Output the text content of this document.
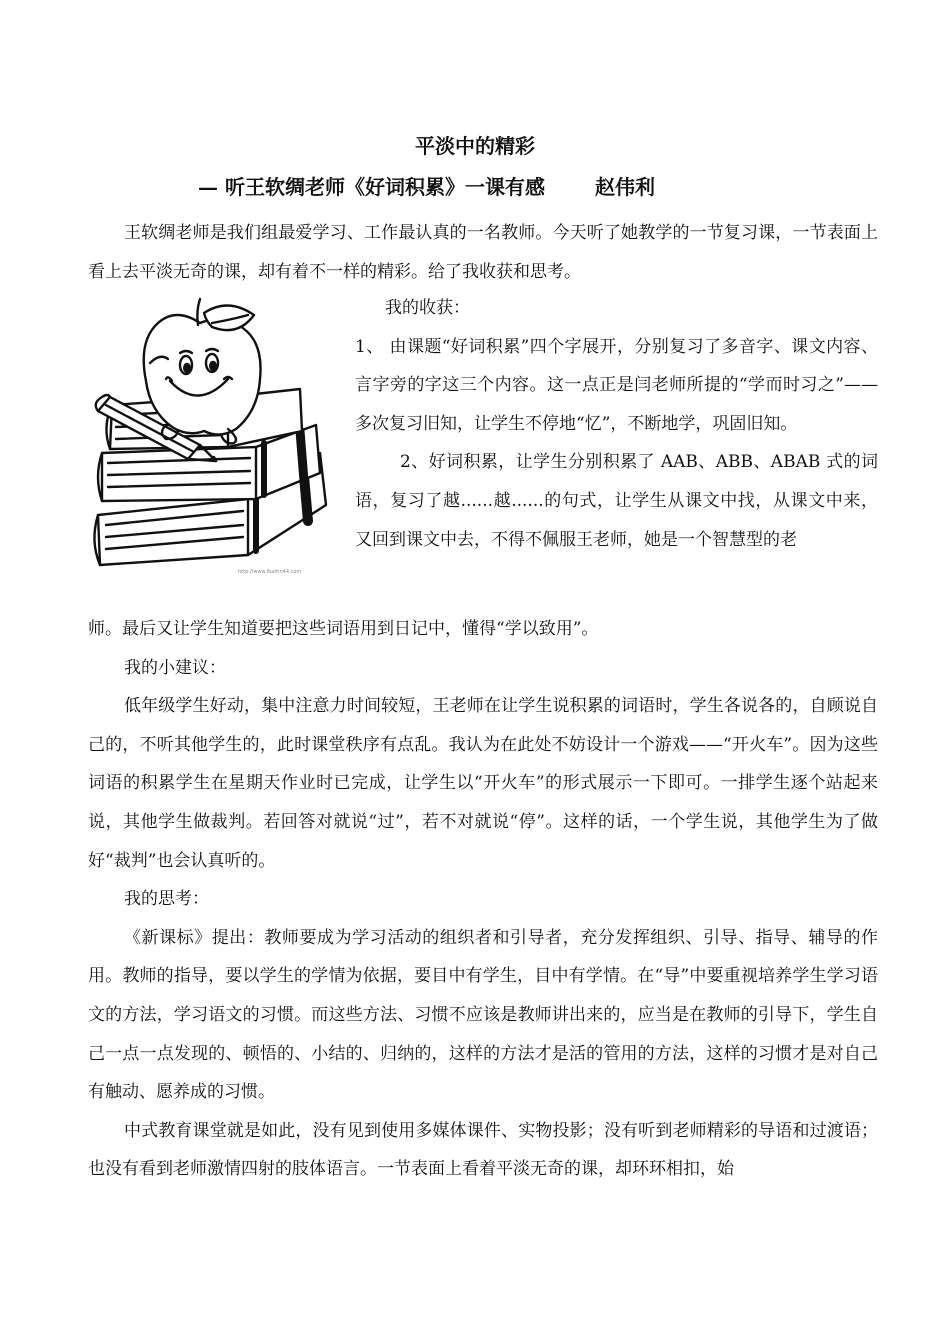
平淡中的精彩
— 听王软绸老师《好词积累》一课有感	赵伟利

王软绸老师是我们组最爱学习、工作最认真的一名教师。今天听了她教学的一节复习课，一节表面上看上去平淡无奇的课，却有着不一样的精彩。给了我收获和思考。

http://www.lbathn44.com

我的收获：

1、 由课题“好词积累”四个字展开，分别复习了多音字、课文内容、言字旁的字这三个内容。这一点正是闫老师所提的“学而时习之”——多次复习旧知，让学生不停地“忆”，不断地学，巩固旧知。

2、好词积累，让学生分别积累了 AAB、ABB、ABAB 式的词语，复习了越......越......的句式，让学生从课文中找，从课文中来，又回到课文中去，不得不佩服王老师，她是一个智慧型的老

师。最后又让学生知道要把这些词语用到日记中，懂得“学以致用”。

我的小建议：

低年级学生好动，集中注意力时间较短，王老师在让学生说积累的词语时，学生各说各的，自顾说自己的，不听其他学生的，此时课堂秩序有点乱。我认为在此处不妨设计一个游戏——“开火车”。因为这些词语的积累学生在星期天作业时已完成，让学生以“开火车”的形式展示一下即可。一排学生逐个站起来说，其他学生做裁判。若回答对就说“过”，若不对就说“停”。这样的话，一个学生说，其他学生为了做好“裁判”也会认真听的。

我的思考：

《新课标》提出：教师要成为学习活动的组织者和引导者，充分发挥组织、引导、指导、辅导的作用。教师的指导，要以学生的学情为依据，要目中有学生，目中有学情。在“导”中要重视培养学生学习语文的方法，学习语文的习惯。而这些方法、习惯不应该是教师讲出来的，应当是在教师的引导下，学生自己一点一点发现的、顿悟的、小结的、归纳的，这样的方法才是活的管用的方法，这样的习惯才是对自己有触动、愿养成的习惯。

中式教育课堂就是如此，没有见到使用多媒体课件、实物投影；没有听到老师精彩的导语和过渡语；也没有看到老师激情四射的肢体语言。一节表面上看着平淡无奇的课，却环环相扣，始
